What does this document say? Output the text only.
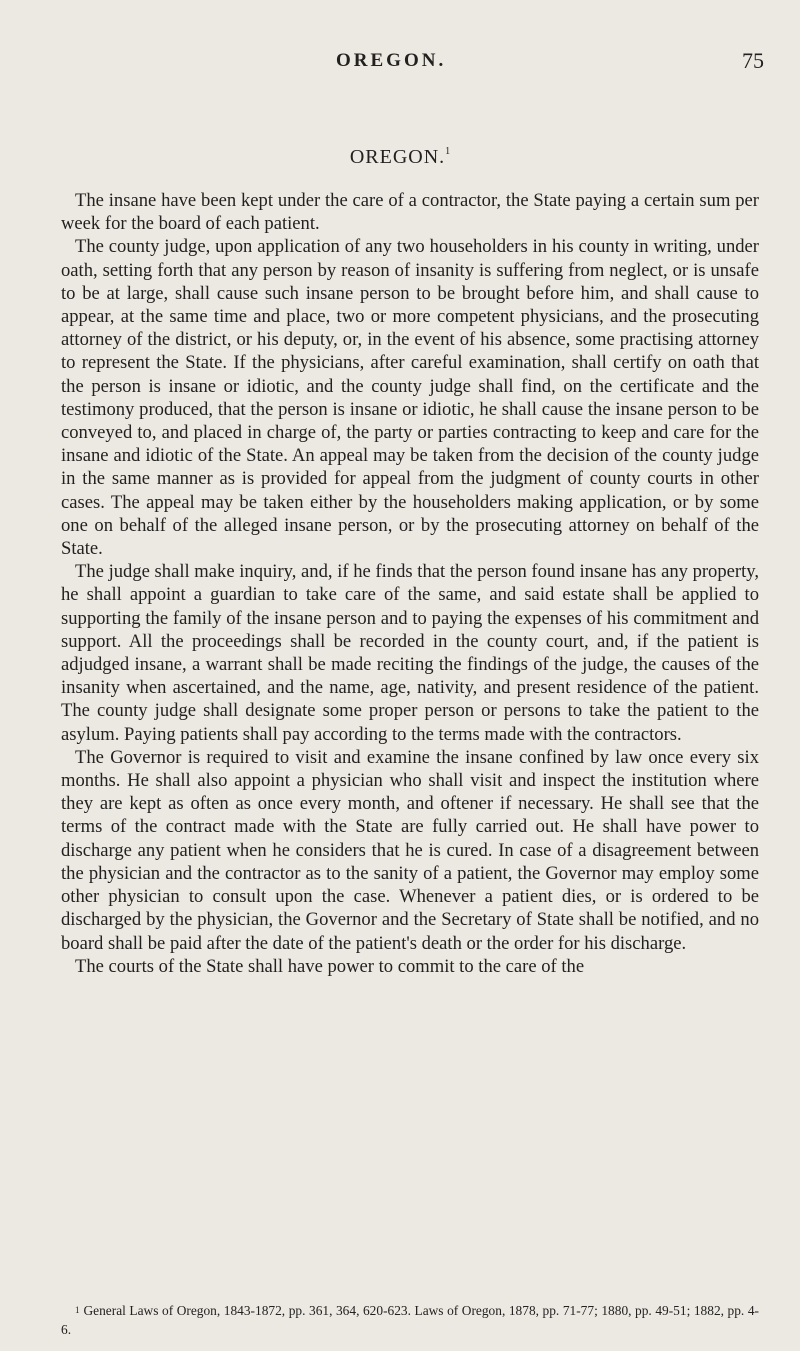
OREGON.	75
OREGON.$^1$

The insane have been kept under the care of a contractor, the State paying a certain sum per week for the board of each patient.

The county judge, upon application of any two householders in his county in writing, under oath, setting forth that any person by reason of insanity is suffering from neglect, or is unsafe to be at large, shall cause such insane person to be brought before him, and shall cause to appear, at the same time and place, two or more competent physicians, and the prosecuting attorney of the district, or his deputy, or, in the event of his absence, some practising attorney to represent the State. If the physicians, after careful examination, shall certify on oath that the person is insane or idiotic, and the county judge shall find, on the certificate and the testimony produced, that the person is insane or idiotic, he shall cause the insane person to be conveyed to, and placed in charge of, the party or parties contracting to keep and care for the insane and idiotic of the State. An appeal may be taken from the decision of the county judge in the same manner as is provided for appeal from the judgment of county courts in other cases. The appeal may be taken either by the householders making application, or by some one on behalf of the alleged insane person, or by the prosecuting attorney on behalf of the State.

The judge shall make inquiry, and, if he finds that the person found insane has any property, he shall appoint a guardian to take care of the same, and said estate shall be applied to supporting the family of the insane person and to paying the expenses of his commitment and support. All the proceedings shall be recorded in the county court, and, if the patient is adjudged insane, a warrant shall be made reciting the findings of the judge, the causes of the insanity when ascertained, and the name, age, nativity, and present residence of the patient. The county judge shall designate some proper person or persons to take the patient to the asylum. Paying patients shall pay according to the terms made with the contractors.

The Governor is required to visit and examine the insane confined by law once every six months. He shall also appoint a physician who shall visit and inspect the institution where they are kept as often as once every month, and oftener if necessary. He shall see that the terms of the contract made with the State are fully carried out. He shall have power to discharge any patient when he considers that he is cured. In case of a disagreement between the physician and the contractor as to the sanity of a patient, the Governor may employ some other physician to consult upon the case. Whenever a patient dies, or is ordered to be discharged by the physician, the Governor and the Secretary of State shall be notified, and no board shall be paid after the date of the patient's death or the order for his discharge.

The courts of the State shall have power to commit to the care of the

$^1$ General Laws of Oregon, 1843-1872, pp. 361, 364, 620-623. Laws of Oregon, 1878, pp. 71-77; 1880, pp. 49-51; 1882, pp. 4-6.
